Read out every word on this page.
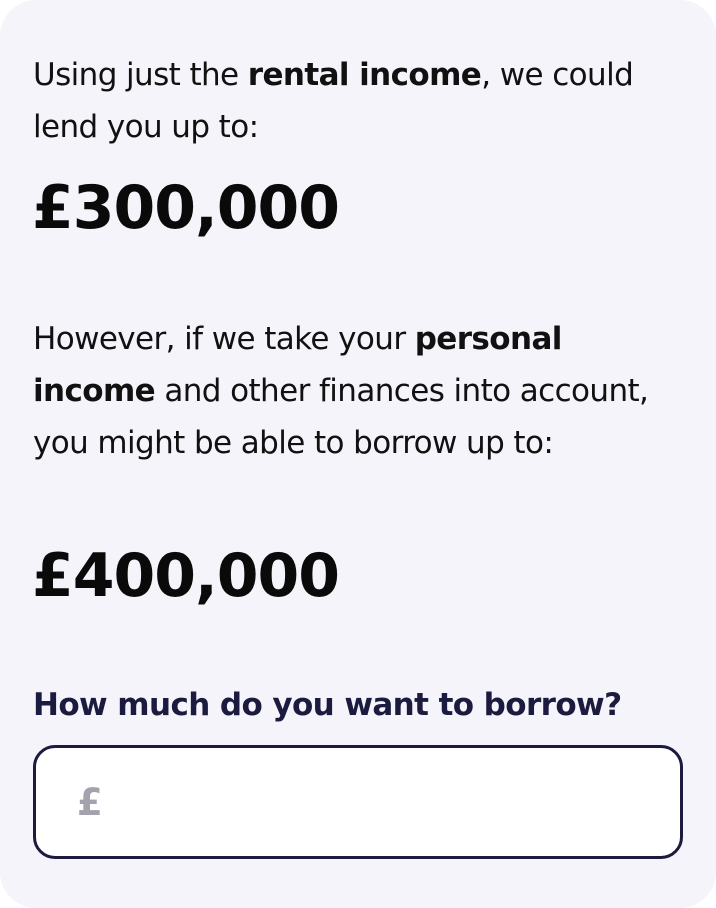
Using just the rental income, we could lend you up to:

£300,000

However, if we take your personal income and other finances into account, you might be able to borrow up to:

£400,000

How much do you want to borrow?
£
